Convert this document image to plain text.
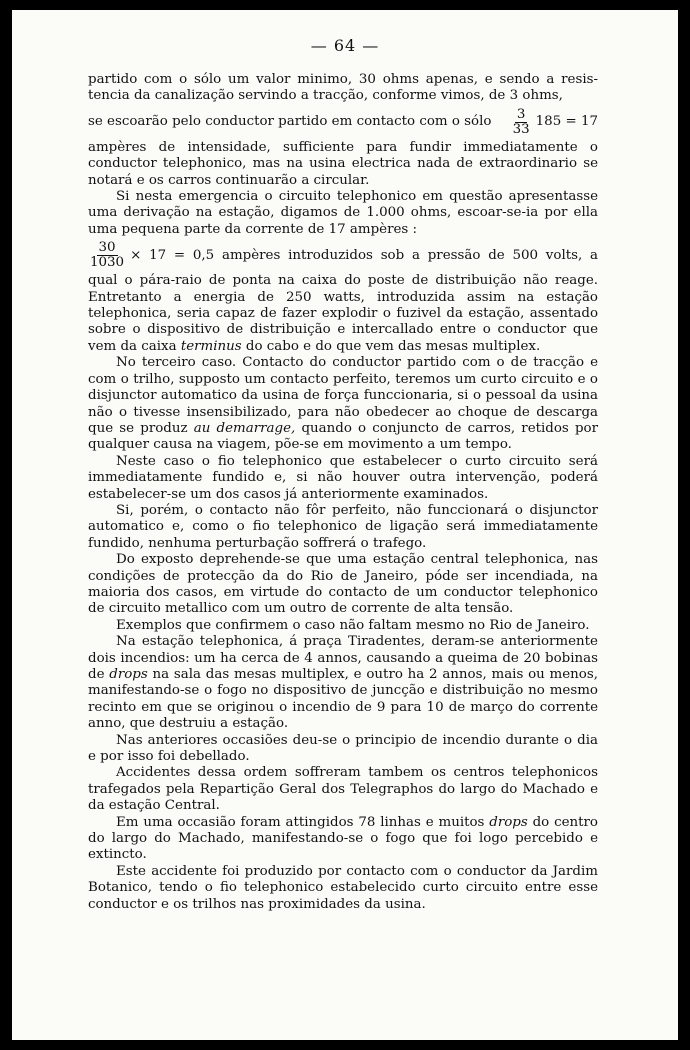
— 64 —

partido com o sólo um valor minimo, 30 ohms apenas, e sendo a resis- tencia da canalização servindo a tracção, conforme vimos, de 3 ohms,

se escoarão pelo conductor partido em contacto com o sólo $\frac{3}{33} 185 = 17$

ampères de intensidade, sufficiente para fundir immediatamente o conductor telephonico, mas na usina electrica nada de extraordinario se notará e os carros continuarão a circular.

Si nesta emergencia o circuito telephonico em questão apresentasse uma derivação na estação, digamos de 1.000 ohms, escoar-se-ia por ella uma pequena parte da corrente de 17 ampères :

$\frac{30}{1030} \times 17 = 0,5$ ampères introduzidos sob a pressão de 500 volts, a

qual o pára-raio de ponta na caixa do poste de distribuição não reage. Entretanto a energia de 250 watts, introduzida assim na estação telephonica, seria capaz de fazer explodir o fuzivel da estação, assentado sobre o dispositivo de distribuição e intercallado entre o conductor que vem da caixa terminus do cabo e do que vem das mesas multiplex.

No terceiro caso. Contacto do conductor partido com o de tracção e com o trilho, supposto um contacto perfeito, teremos um curto circuito e o disjunctor automatico da usina de força funccionaria, si o pessoal da usina não o tivesse insensibilizado, para não obedecer ao choque de descarga que se produz au demarrage, quando o conjuncto de carros, retidos por qualquer causa na viagem, põe-se em movimento a um tempo.

Neste caso o fio telephonico que estabelecer o curto circuito será immediatamente fundido e, si não houver outra intervenção, poderá estabelecer-se um dos casos já anteriormente examinados.

Si, porém, o contacto não fôr perfeito, não funccionará o disjunctor automatico e, como o fio telephonico de ligação será immediatamente fundido, nenhuma perturbação soffrerá o trafego.

Do exposto deprehende-se que uma estação central telephonica, nas condições de protecção da do Rio de Janeiro, póde ser incendiada, na maioria dos casos, em virtude do contacto de um conductor telephonico de circuito metallico com um outro de corrente de alta tensão.

Exemplos que confirmem o caso não faltam mesmo no Rio de Janeiro.

Na estação telephonica, á praça Tiradentes, deram-se anteriormente dois incendios: um ha cerca de 4 annos, causando a queima de 20 bobinas de drops na sala das mesas multiplex, e outro ha 2 annos, mais ou menos, manifestando-se o fogo no dispositivo de juncção e distribuição no mesmo recinto em que se originou o incendio de 9 para 10 de março do corrente anno, que destruiu a estação.

Nas anteriores occasiões deu-se o principio de incendio durante o dia e por isso foi debellado.

Accidentes dessa ordem soffreram tambem os centros telephonicos trafegados pela Repartição Geral dos Telegraphos do largo do Machado e da estação Central.

Em uma occasião foram attingidos 78 linhas e muitos drops do centro do largo do Machado, manifestando-se o fogo que foi logo percebido e extincto.

Este accidente foi produzido por contacto com o conductor da Jardim Botanico, tendo o fio telephonico estabelecido curto circuito entre esse conductor e os trilhos nas proximidades da usina.
